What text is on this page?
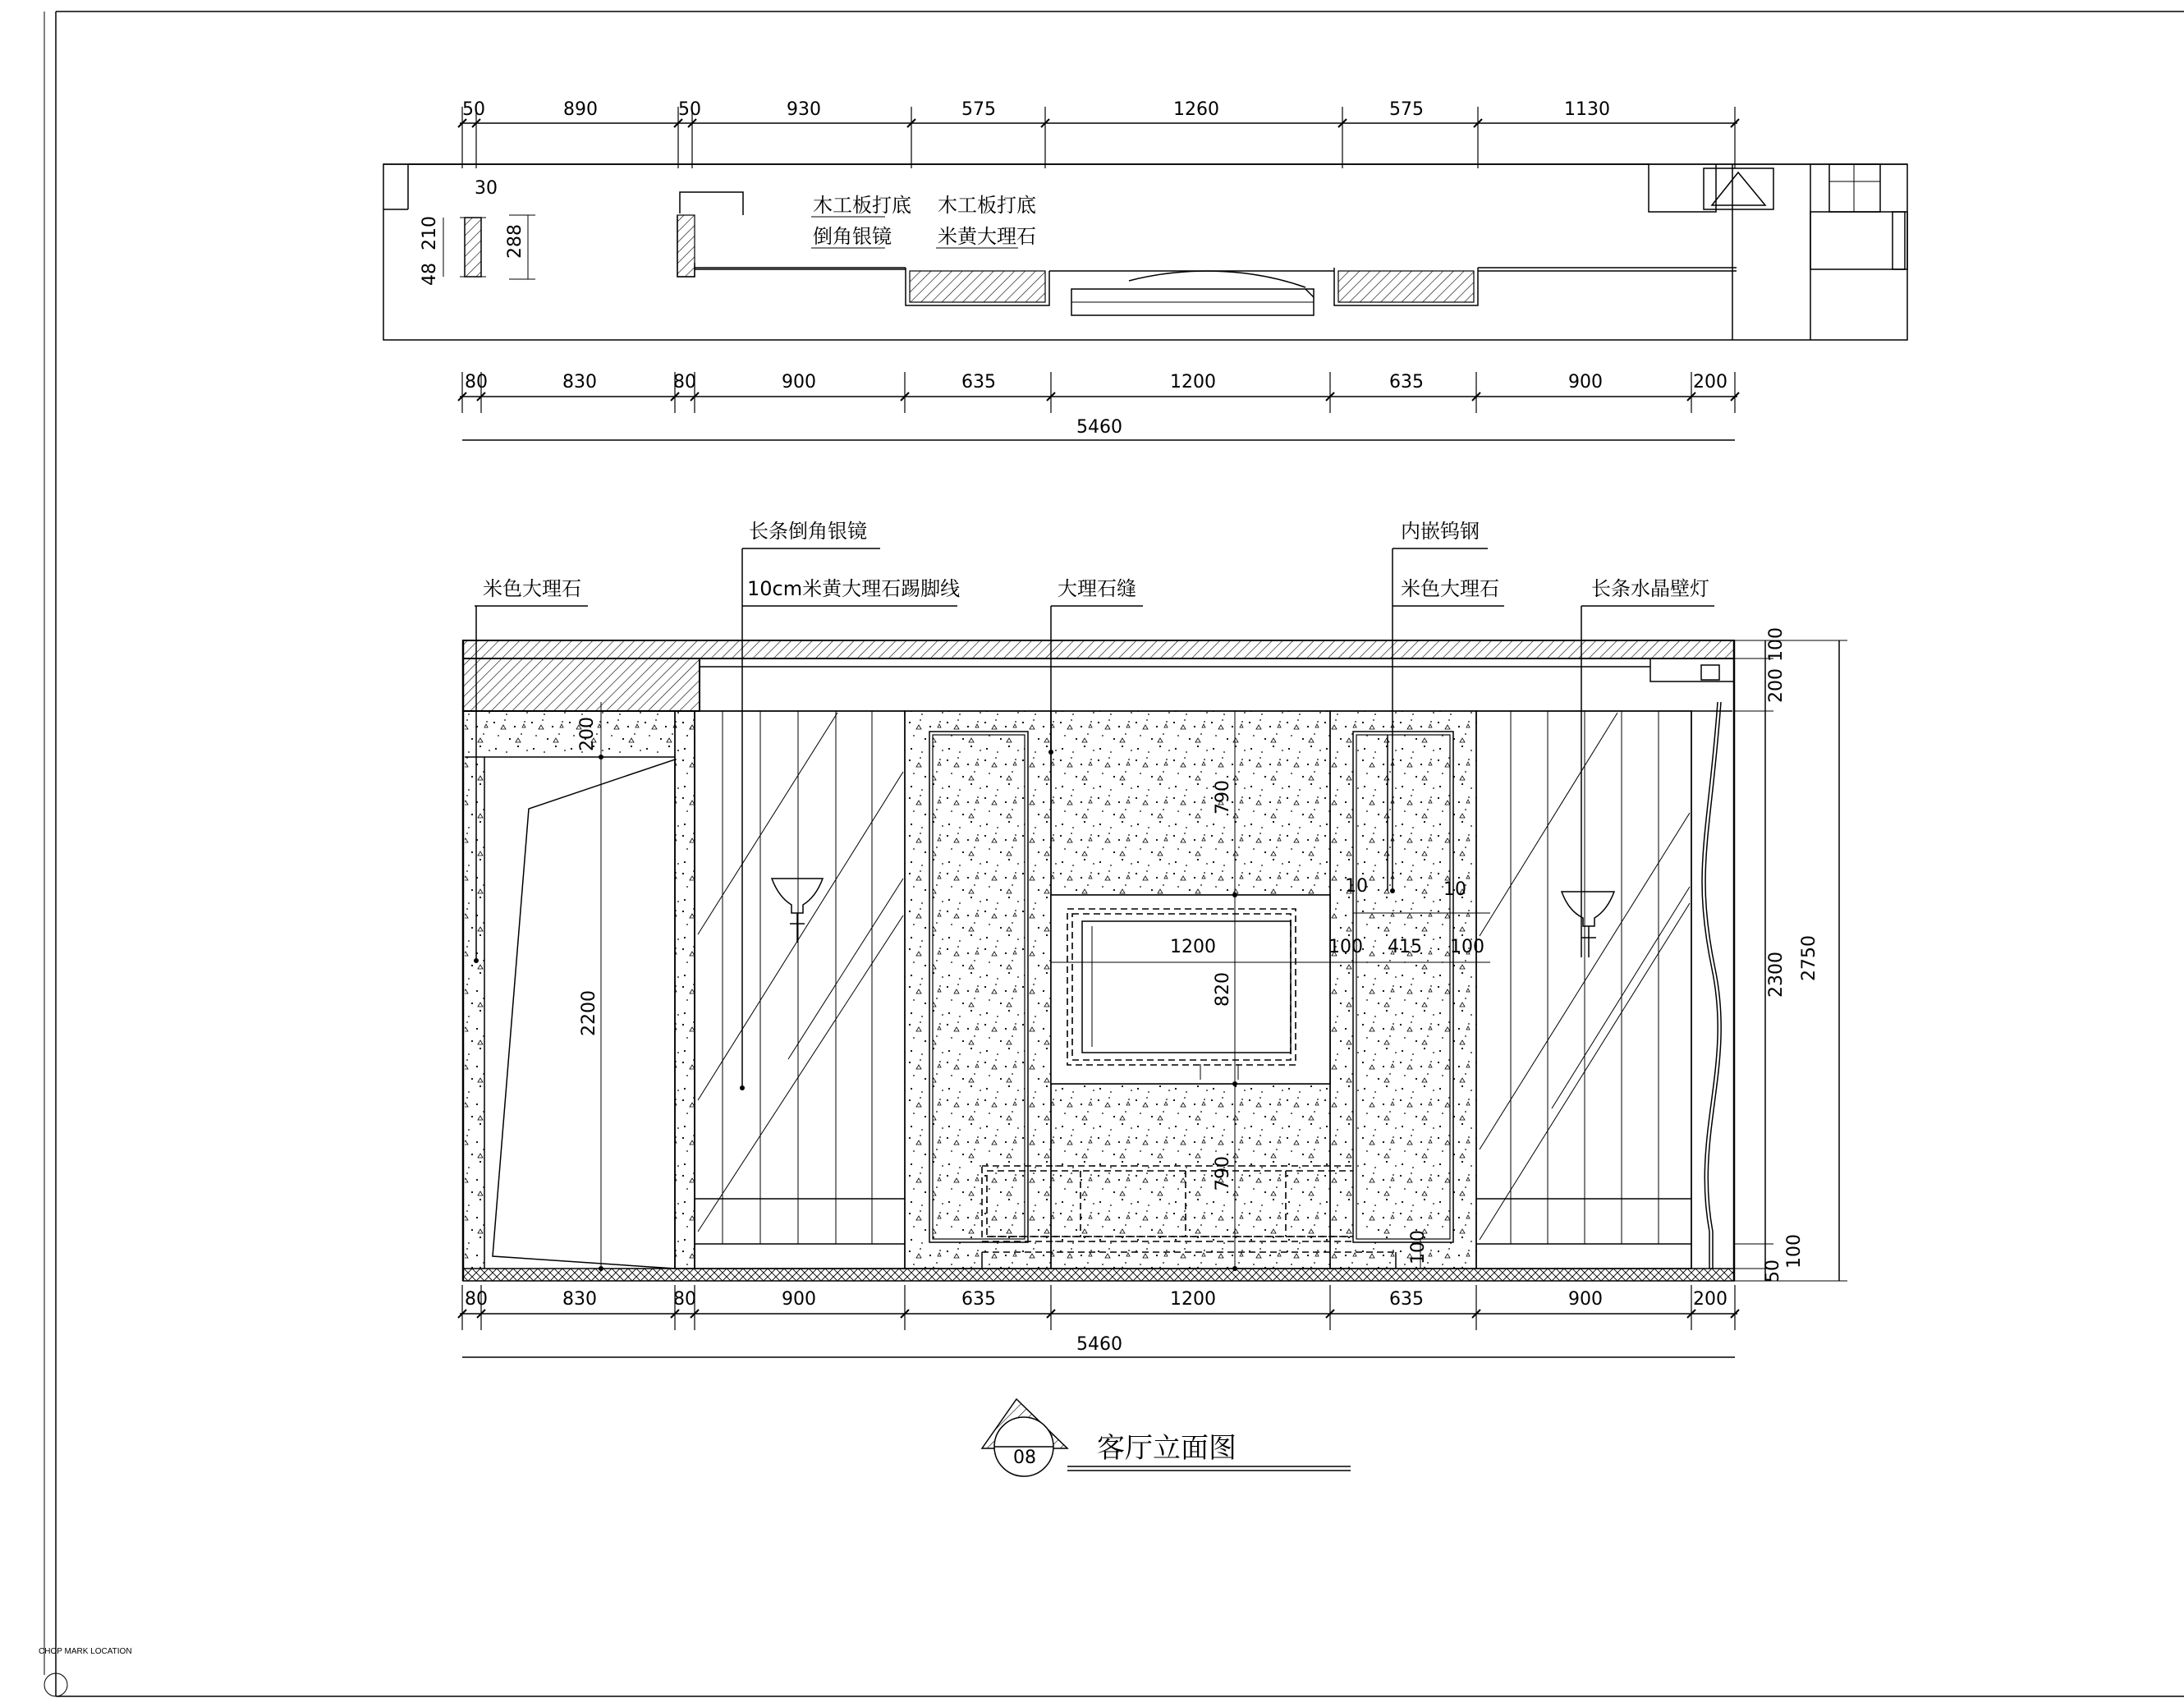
CHOP MARK LOCATION
木工板打底
倒角银镜
木工板打底
米黄大理石
30
210
48
288
50	890	50	930	575	1260	575	1130
80	830	80	900	635	1200	635	900	200
5460
米色大理石
长条倒角银镜
10cm米黄大理石踢脚线	大理石缝
内嵌钨钢
米色大理石	长条水晶壁灯
200
2200
790
1200
820
790
10	10
100 415 100
100
100
200
2300
100
50
2750
80	830	80	900	635	1200	635	900	200
5460
08 客厅立面图
